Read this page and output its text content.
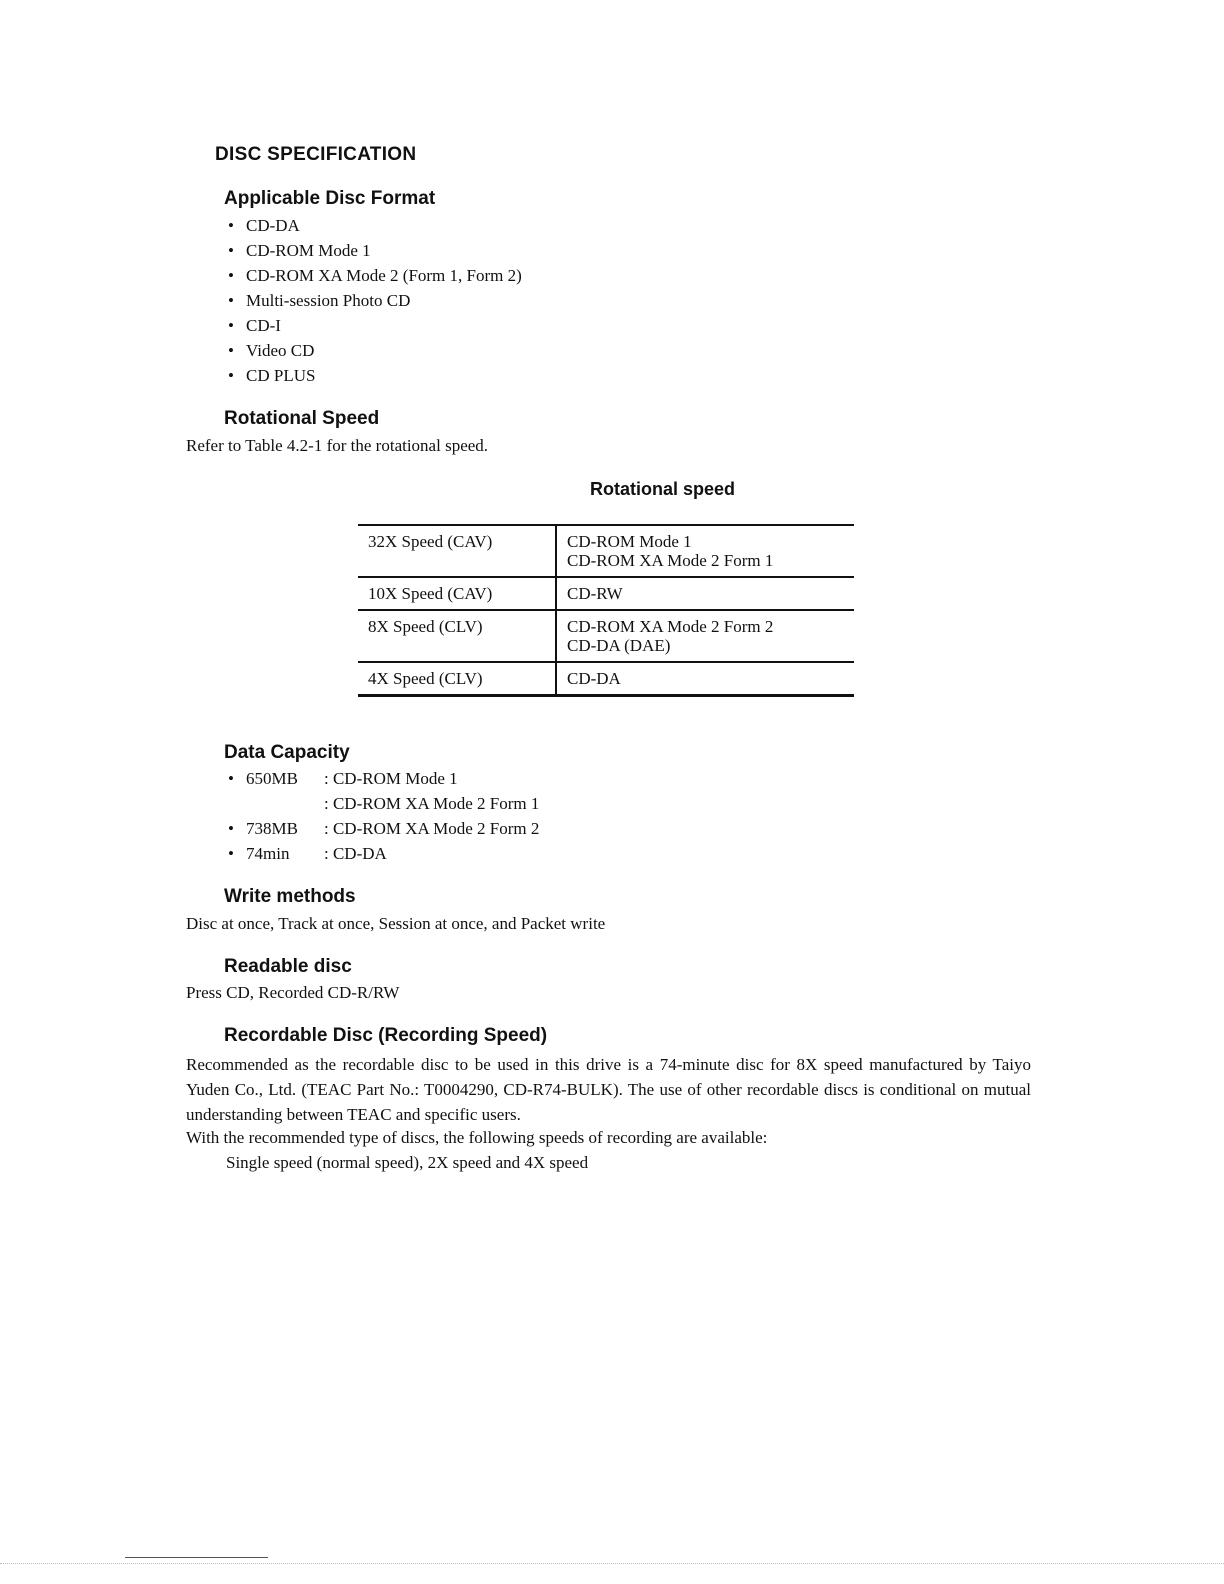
DISC SPECIFICATION
Applicable Disc Format
• CD-DA
• CD-ROM Mode 1
• CD-ROM XA Mode 2 (Form 1, Form 2)
• Multi-session Photo CD
• CD-I
• Video CD
• CD PLUS
Rotational Speed
Refer to Table 4.2-1 for the rotational speed.
Rotational speed
32X Speed (CAV)	CD-ROM Mode 1
CD-ROM XA Mode 2 Form 1

10X Speed (CAV)	CD-RW

8X Speed (CLV)	CD-ROM XA Mode 2 Form 2
CD-DA (DAE)

4X Speed (CLV)	CD-DA
Data Capacity
• 650MB : CD-ROM Mode 1
: CD-ROM XA Mode 2 Form 1
• 738MB : CD-ROM XA Mode 2 Form 2
• 74min : CD-DA
Write methods
Disc at once, Track at once, Session at once, and Packet write
Readable disc
Press CD, Recorded CD-R/RW
Recordable Disc (Recording Speed)
Recommended as the recordable disc to be used in this drive is a 74-minute disc for 8X speed manufactured by Taiyo Yuden Co., Ltd. (TEAC Part No.: T0004290, CD-R74-BULK). The use of other recordable discs is conditional on mutual understanding between TEAC and specific users.
With the recommended type of discs, the following speeds of recording are available:
Single speed (normal speed), 2X speed and 4X speed
